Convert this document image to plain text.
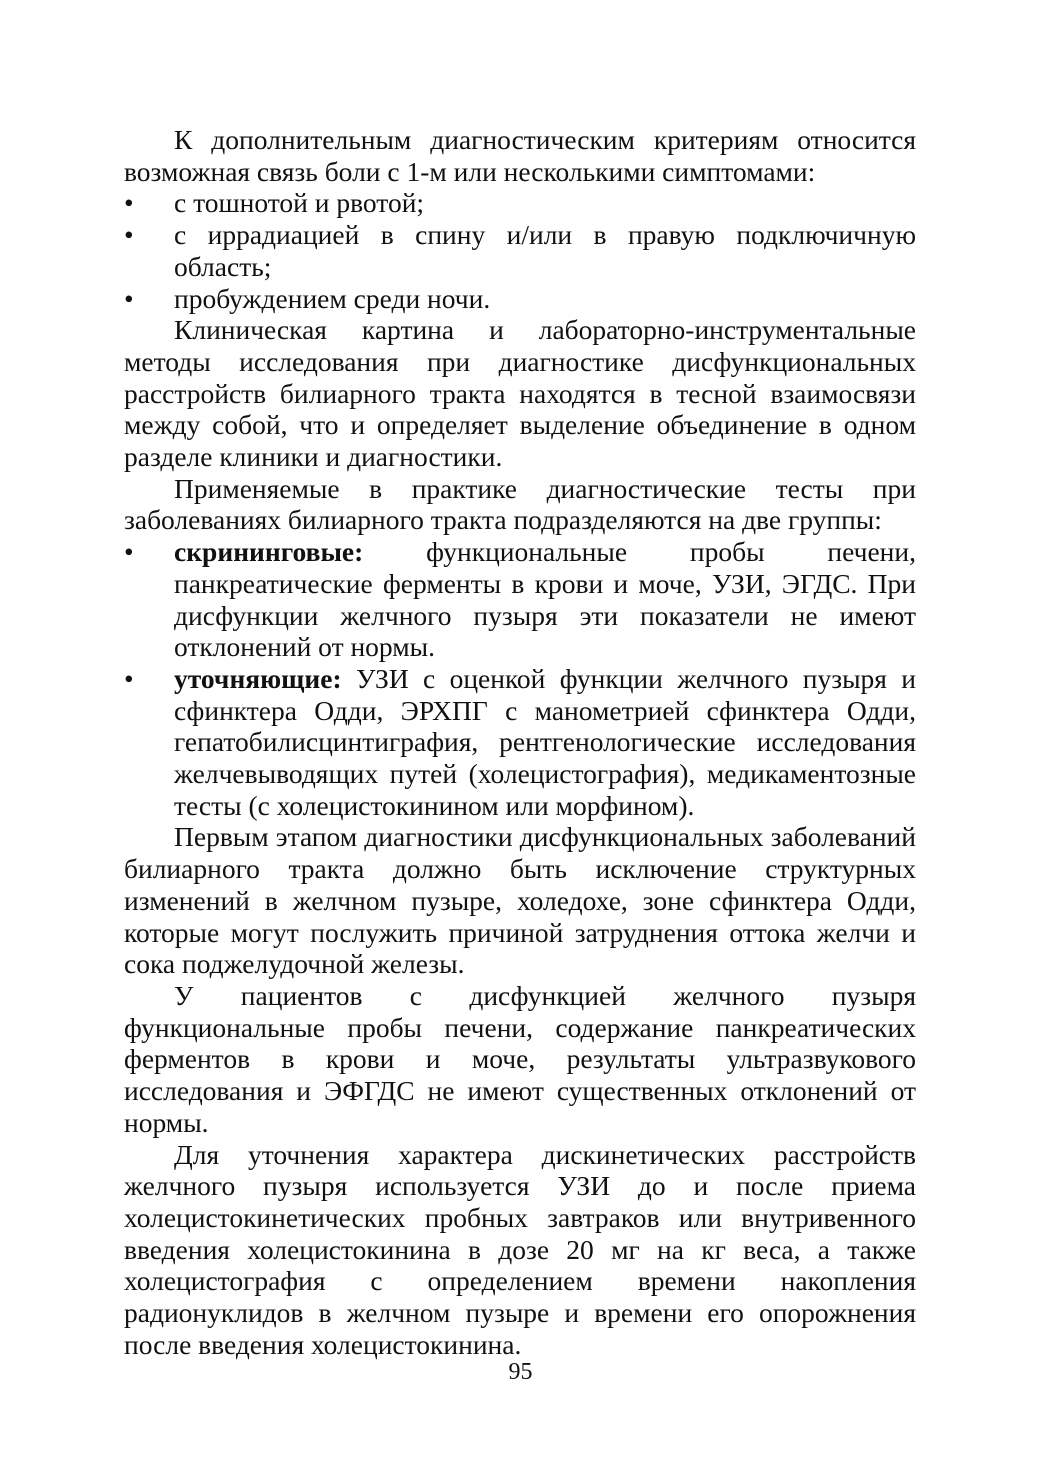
К дополнительным диагностическим критериям относится возможная связь боли с 1-м или несколькими симптомами:

•	с тошнотой и рвотой;
•	с иррадиацией в спину и/или в правую подключичную область;
•	пробуждением среди ночи.

Клиническая картина и лабораторно-инструментальные методы исследования при диагностике дисфункциональных расстройств билиарного тракта находятся в тесной взаимосвязи между собой, что и определяет выделение объединение в одном разделе клиники и диагностики.

Применяемые в практике диагностические тесты при заболеваниях билиарного тракта подразделяются на две группы:

•	скрининговые: функциональные пробы печени, панкреатические ферменты в крови и моче, УЗИ, ЭГДС. При дисфункции желчного пузыря эти показатели не имеют отклонений от нормы.
•	уточняющие: УЗИ с оценкой функции желчного пузыря и сфинктера Одди, ЭРХПГ с манометрией сфинктера Одди, гепатобилисцинтиграфия, рентгенологические исследования желчевыводящих путей (холецистография), медикаментозные тесты (с холецистокинином или морфином).

Первым этапом диагностики дисфункциональных заболеваний билиарного тракта должно быть исключение структурных изменений в желчном пузыре, холедохе, зоне сфинктера Одди, которые могут послужить причиной затруднения оттока желчи и сока поджелудочной железы.

У пациентов с дисфункцией желчного пузыря функциональные пробы печени, содержание панкреатических ферментов в крови и моче, результаты ультразвукового исследования и ЭФГДС не имеют существенных отклонений от нормы.

Для уточнения характера дискинетических расстройств желчного пузыря используется УЗИ до и после приема холецистокинетических пробных завтраков или внутривенного введения холецистокинина в дозе 20 мг на кг веса, а также холецистография с определением времени накопления радионуклидов в желчном пузыре и времени его опорожнения после введения холецистокинина.

95
